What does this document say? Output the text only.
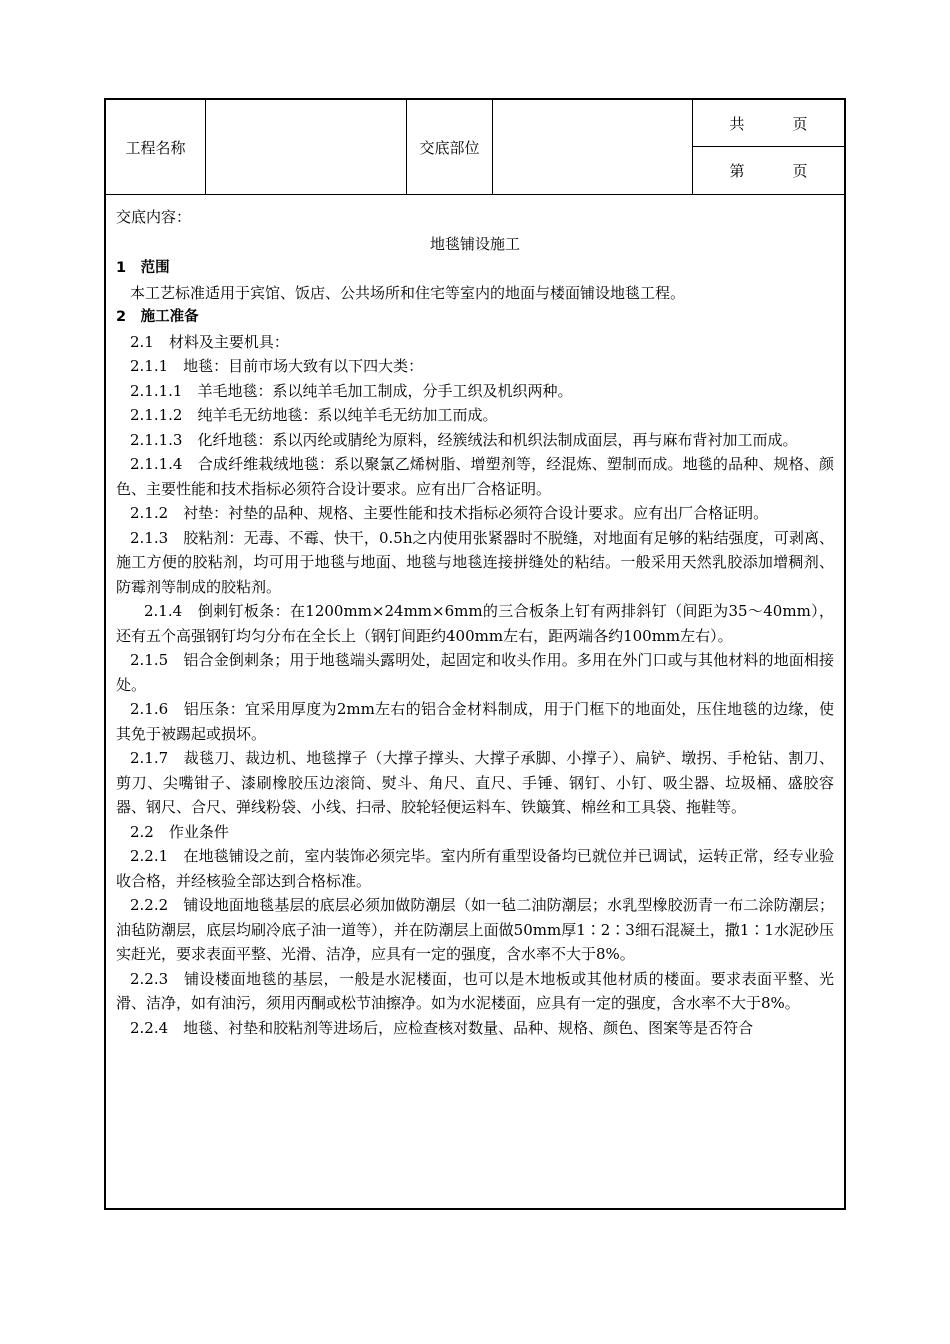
工程名称	交底部位
共	页
第	页

交底内容：

地毯铺设施工

1　范围

本工艺标准适用于宾馆、饭店、公共场所和住宅等室内的地面与楼面铺设地毯工程。

2　施工准备

2.1　材料及主要机具：

2.1.1　地毯：目前市场大致有以下四大类：

2.1.1.1　羊毛地毯：系以纯羊毛加工制成，分手工织及机织两种。

2.1.1.2　纯羊毛无纺地毯：系以纯羊毛无纺加工而成。

2.1.1.3　化纤地毯：系以丙纶或腈纶为原料，经簇绒法和机织法制成面层，再与麻布背衬加工而成。

2.1.1.4　合成纤维栽绒地毯：系以聚氯乙烯树脂、增塑剂等，经混炼、塑制而成。地毯的品种、规格、颜色、主要性能和技术指标必须符合设计要求。应有出厂合格证明。

2.1.2　衬垫：衬垫的品种、规格、主要性能和技术指标必须符合设计要求。应有出厂合格证明。

2.1.3　胶粘剂：无毒、不霉、快干，0.5h之内使用张紧器时不脱缝，对地面有足够的粘结强度，可剥离、施工方便的胶粘剂，均可用于地毯与地面、地毯与地毯连接拼缝处的粘结。一般采用天然乳胶添加增稠剂、防霉剂等制成的胶粘剂。

2.1.4　倒刺钉板条：在1200mm×24mm×6mm的三合板条上钉有两排斜钉（间距为35～40mm），还有五个高强钢钉均匀分布在全长上（钢钉间距约400mm左右，距两端各约100mm左右）。

2.1.5　铝合金倒刺条；用于地毯端头露明处，起固定和收头作用。多用在外门口或与其他材料的地面相接处。

2.1.6　铝压条：宜采用厚度为2mm左右的铝合金材料制成，用于门框下的地面处，压住地毯的边缘，使其免于被踢起或损坏。

2.1.7　裁毯刀、裁边机、地毯撑子（大撑子撑头、大撑子承脚、小撑子）、扁铲、墩拐、手枪钻、割刀、剪刀、尖嘴钳子、漆刷橡胶压边滚筒、熨斗、角尺、直尺、手锤、钢钉、小钉、吸尘器、垃圾桶、盛胶容器、钢尺、合尺、弹线粉袋、小线、扫帚、胶轮轻便运料车、铁簸箕、棉丝和工具袋、拖鞋等。

2.2　作业条件

2.2.1　在地毯铺设之前，室内装饰必须完毕。室内所有重型设备均已就位并已调试，运转正常，经专业验收合格，并经核验全部达到合格标准。

2.2.2　铺设地面地毯基层的底层必须加做防潮层（如一毡二油防潮层；水乳型橡胶沥青一布二涂防潮层；油毡防潮层，底层均刷冷底子油一道等），并在防潮层上面做50mm厚1∶2∶3细石混凝土，撒1∶1水泥砂压实赶光，要求表面平整、光滑、洁净，应具有一定的强度，含水率不大于8%。

2.2.3　铺设楼面地毯的基层，一般是水泥楼面，也可以是木地板或其他材质的楼面。要求表面平整、光滑、洁净，如有油污，须用丙酮或松节油擦净。如为水泥楼面，应具有一定的强度，含水率不大于8%。

2.2.4　地毯、衬垫和胶粘剂等进场后，应检查核对数量、品种、规格、颜色、图案等是否符合
